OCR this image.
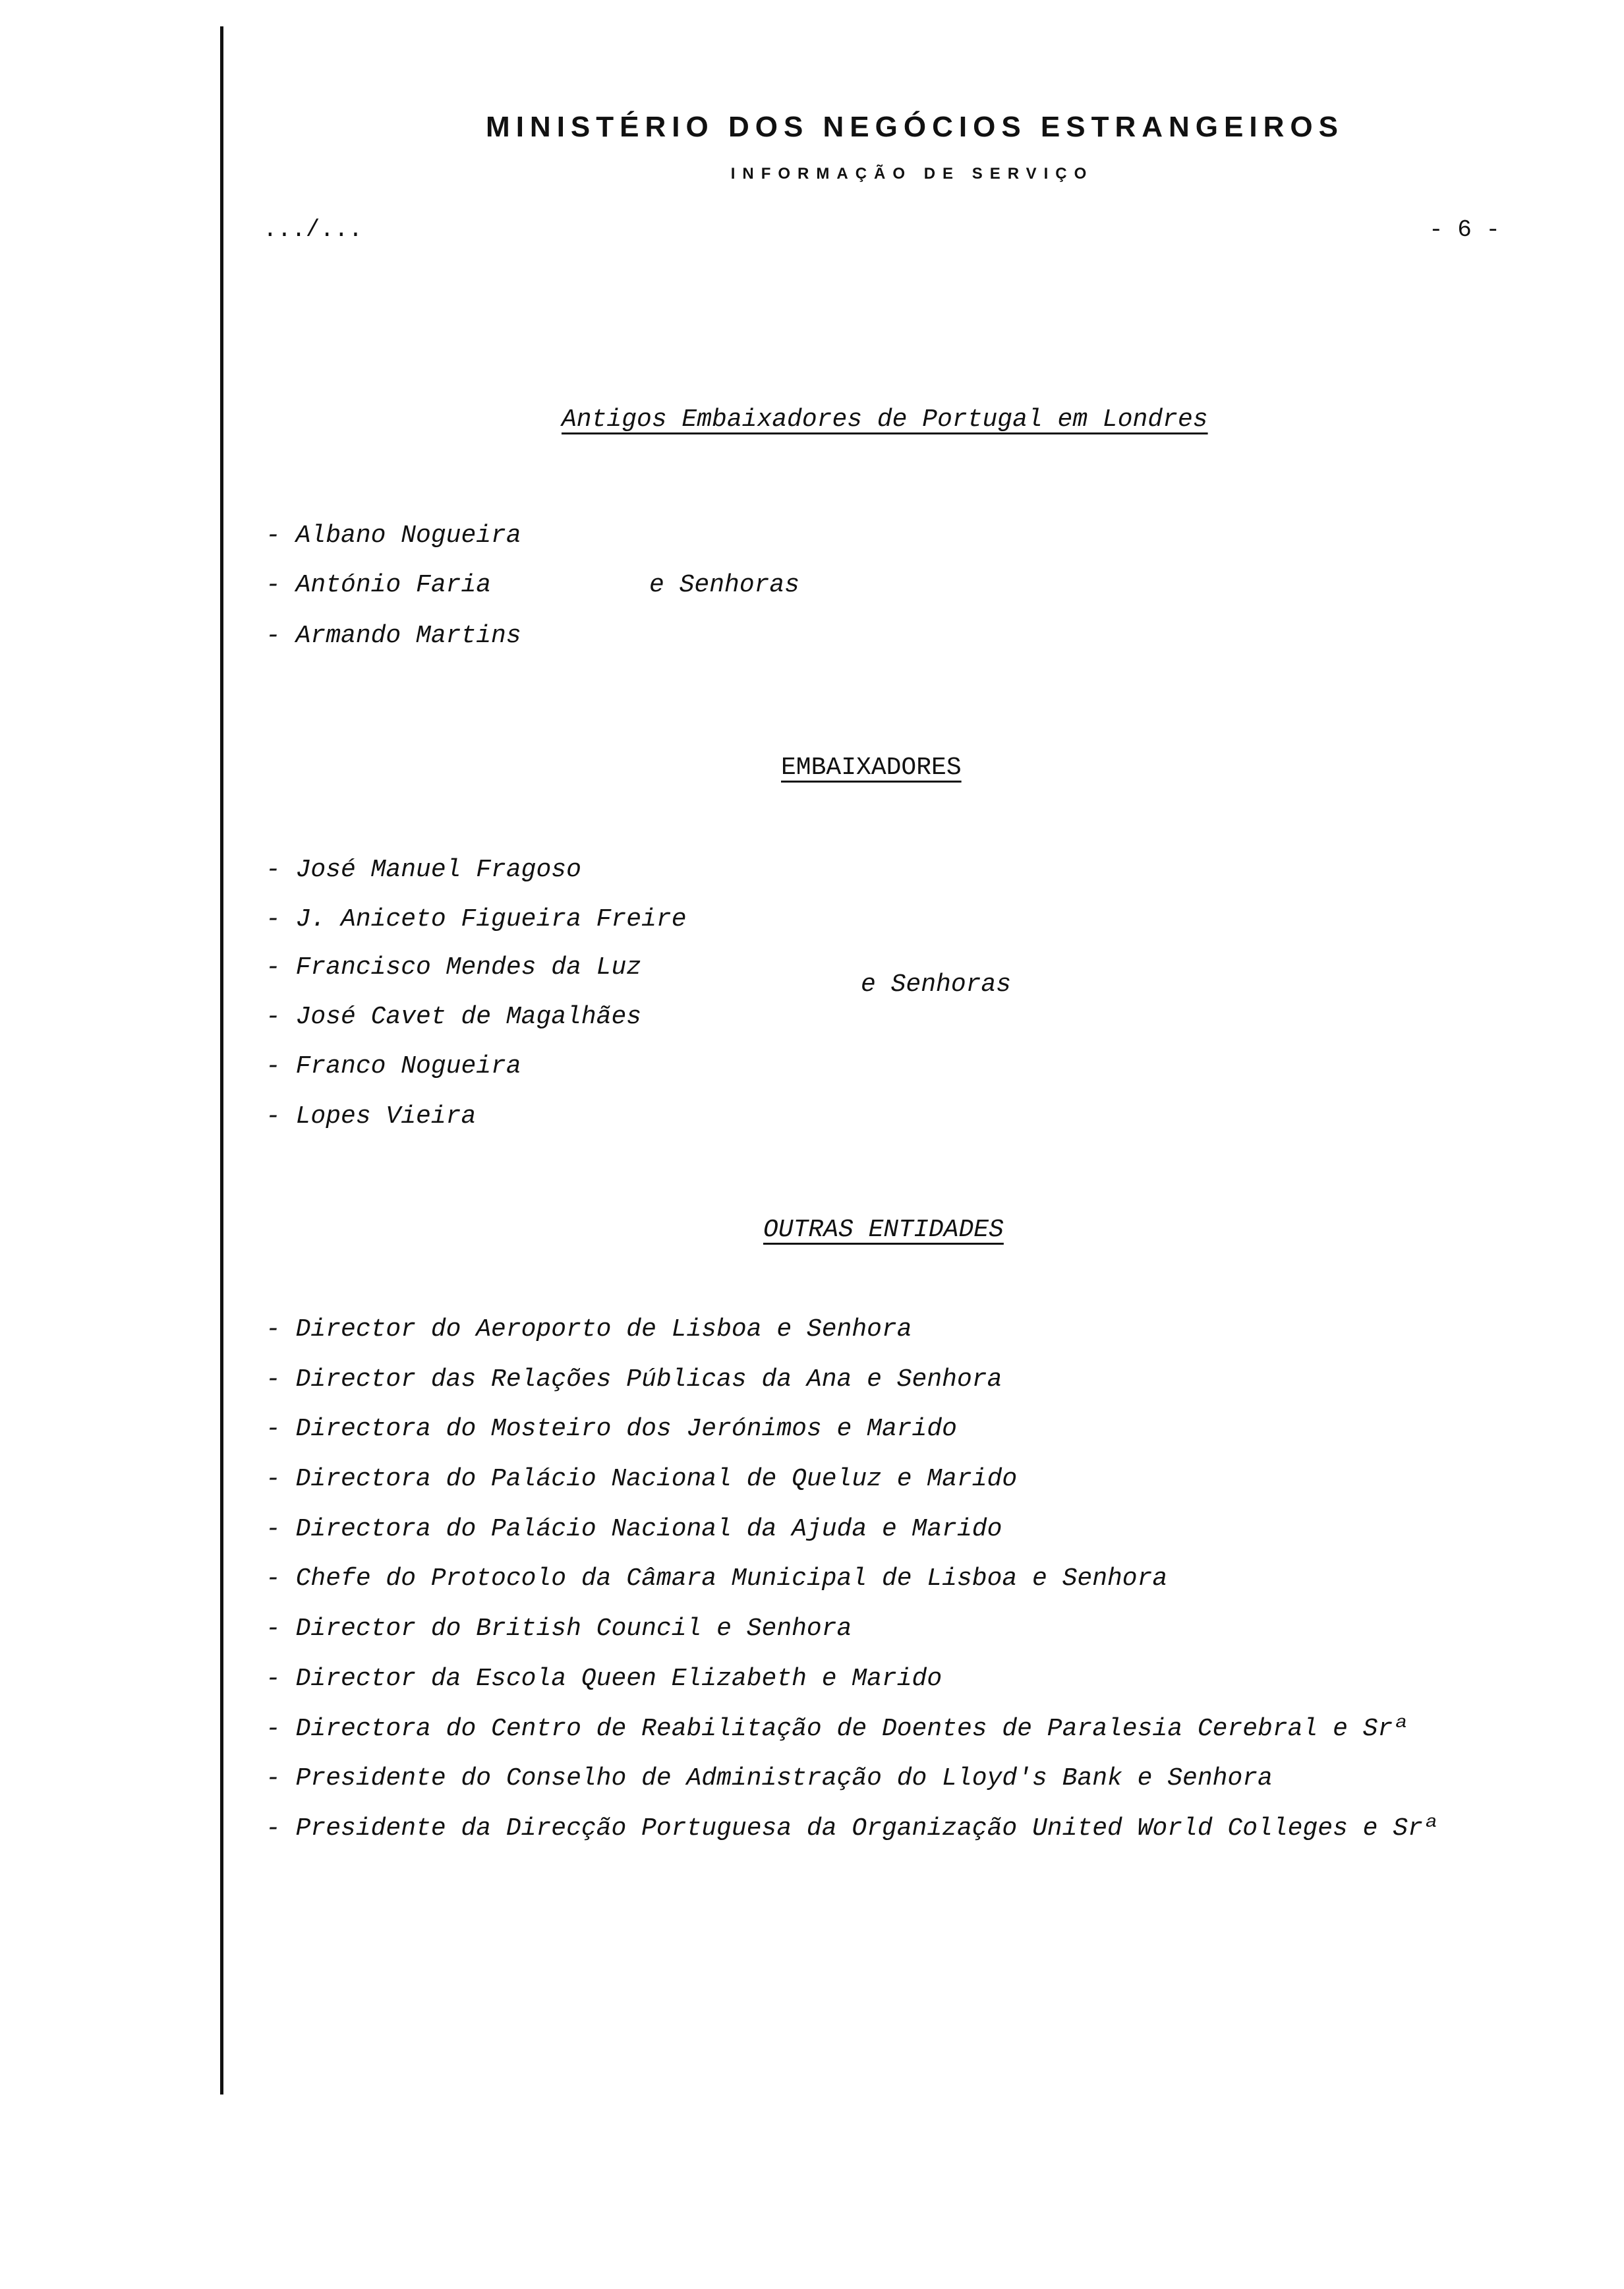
MINISTÉRIO DOS NEGÓCIOS ESTRANGEIROS
INFORMAÇÃO DE SERVIÇO
.../...	- 6 -
Antigos Embaixadores de Portugal em Londres
- Albano Nogueira
- António Faria
- Armando Martins
e Senhoras
EMBAIXADORES
- José Manuel Fragoso
- J. Aniceto Figueira Freire
- Francisco Mendes da Luz
- José Cavet de Magalhães
- Franco Nogueira
- Lopes Vieira
e Senhoras
OUTRAS ENTIDADES
- Director do Aeroporto de Lisboa e Senhora
- Director das Relações Públicas da Ana e Senhora
- Directora do Mosteiro dos Jerónimos e Marido
- Directora do Palácio Nacional de Queluz e Marido
- Directora do Palácio Nacional da Ajuda e Marido
- Chefe do Protocolo da Câmara Municipal de Lisboa e Senhora
- Director do British Council e Senhora
- Director da Escola Queen Elizabeth e Marido
- Directora do Centro de Reabilitação de Doentes de Paralesia Cerebral e Srª
- Presidente do Conselho de Administração do Lloyd's Bank e Senhora
- Presidente da Direcção Portuguesa da Organização United World Colleges e Srª
